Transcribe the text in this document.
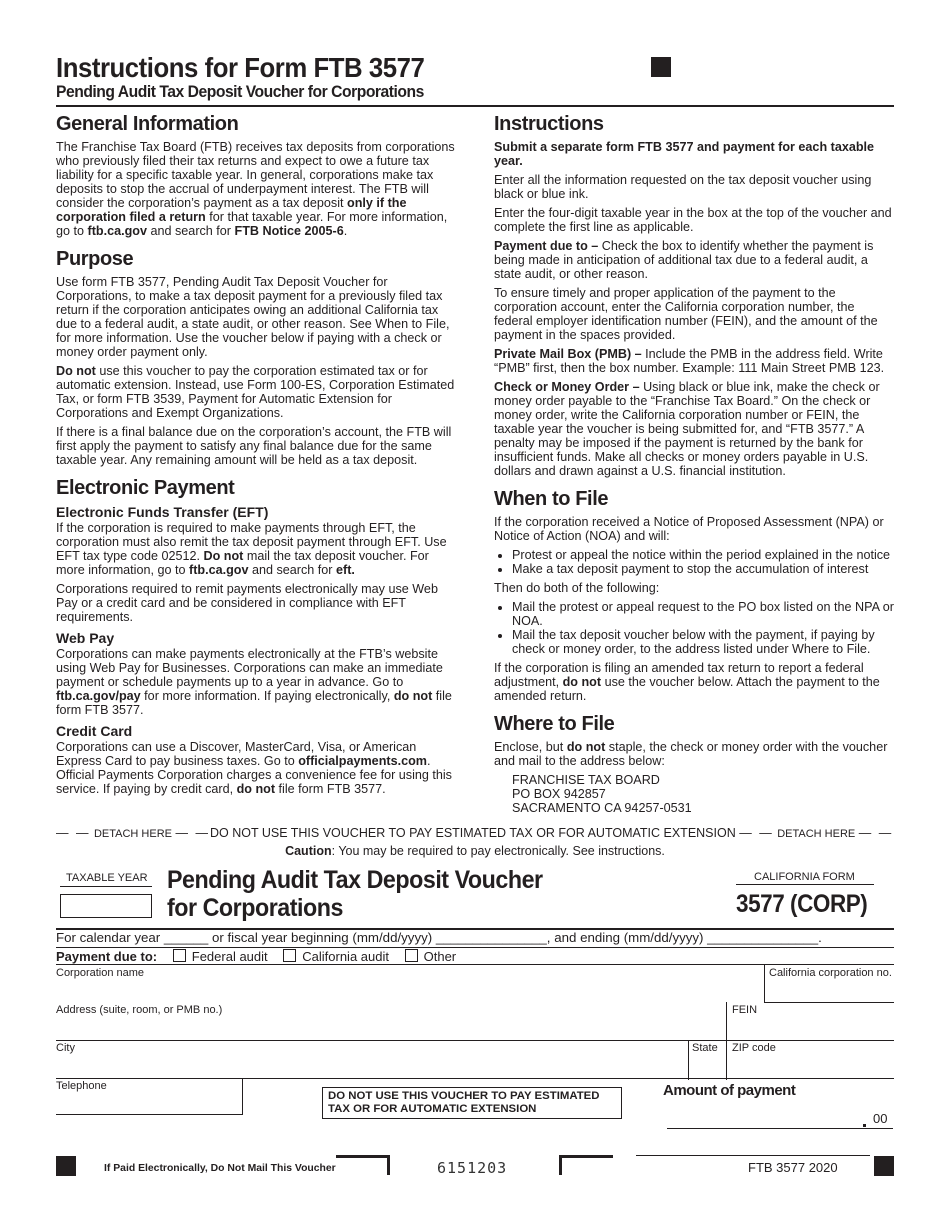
Instructions for Form FTB 3577
Pending Audit Tax Deposit Voucher for Corporations
General Information

The Franchise Tax Board (FTB) receives tax deposits from corporations who previously filed their tax returns and expect to owe a future tax liability for a specific taxable year. In general, corporations make tax deposits to stop the accrual of underpayment interest. The FTB will consider the corporation’s payment as a tax deposit only if the corporation filed a return for that taxable year. For more information, go to ftb.ca.gov and search for FTB Notice 2005-6.

Purpose

Use form FTB 3577, Pending Audit Tax Deposit Voucher for Corporations, to make a tax deposit payment for a previously filed tax return if the corporation anticipates owing an additional California tax due to a federal audit, a state audit, or other reason. See When to File, for more information. Use the voucher below if paying with a check or money order payment only.

Do not use this voucher to pay the corporation estimated tax or for automatic extension. Instead, use Form 100-ES, Corporation Estimated Tax, or form FTB 3539, Payment for Automatic Extension for Corporations and Exempt Organizations.

If there is a final balance due on the corporation’s account, the FTB will first apply the payment to satisfy any final balance due for the same taxable year. Any remaining amount will be held as a tax deposit.

Electronic Payment
Electronic Funds Transfer (EFT)

If the corporation is required to make payments through EFT, the corporation must also remit the tax deposit payment through EFT. Use EFT tax type code 02512. Do not mail the tax deposit voucher. For more information, go to ftb.ca.gov and search for eft.

Corporations required to remit payments electronically may use Web Pay or a credit card and be considered in compliance with EFT requirements.

Web Pay

Corporations can make payments electronically at the FTB’s website using Web Pay for Businesses. Corporations can make an immediate payment or schedule payments up to a year in advance. Go to ftb.ca.gov/pay for more information. If paying electronically, do not file form FTB 3577.

Credit Card

Corporations can use a Discover, MasterCard, Visa, or American Express Card to pay business taxes. Go to officialpayments.com. Official Payments Corporation charges a convenience fee for using this service. If paying by credit card, do not file form FTB 3577.

Instructions

Submit a separate form FTB 3577 and payment for each taxable year.

Enter all the information requested on the tax deposit voucher using black or blue ink.

Enter the four-digit taxable year in the box at the top of the voucher and complete the first line as applicable.

Payment due to – Check the box to identify whether the payment is being made in anticipation of additional tax due to a federal audit, a state audit, or other reason.

To ensure timely and proper application of the payment to the corporation account, enter the California corporation number, the federal employer identification number (FEIN), and the amount of the payment in the spaces provided.

Private Mail Box (PMB) – Include the PMB in the address field. Write “PMB” first, then the box number. Example: 111 Main Street PMB 123.

Check or Money Order – Using black or blue ink, make the check or money order payable to the “Franchise Tax Board.” On the check or money order, write the California corporation number or FEIN, the taxable year the voucher is being submitted for, and “FTB 3577.” A penalty may be imposed if the payment is returned by the bank for insufficient funds. Make all checks or money orders payable in U.S. dollars and drawn against a U.S. financial institution.

When to File

If the corporation received a Notice of Proposed Assessment (NPA) or Notice of Action (NOA) and will:

• Protest or appeal the notice within the period explained in the notice
• Make a tax deposit payment to stop the accumulation of interest

Then do both of the following:

• Mail the protest or appeal request to the PO box listed on the NPA or NOA.
• Mail the tax deposit voucher below with the payment, if paying by check or money order, to the address listed under Where to File.

If the corporation is filing an amended tax return to report a federal adjustment, do not use the voucher below. Attach the payment to the amended return.

Where to File

Enclose, but do not staple, the check or money order with the voucher and mail to the address below:

FRANCHISE TAX BOARD
PO BOX 942857
SACRAMENTO CA 94257-0531
— — DETACH HERE — —DO NOT USE THIS VOUCHER TO PAY ESTIMATED TAX OR FOR AUTOMATIC EXTENSION — — DETACH HERE — —
Caution: You may be required to pay electronically. See instructions.
TAXABLE YEAR Pending Audit Tax Deposit Voucher
for Corporations
CALIFORNIA FORM
3577 (CORP)
For calendar year ______ or fiscal year beginning (mm/dd/yyyy) _______________, and ending (mm/dd/yyyy) _______________.
Payment due to:	Federal audit	California audit	Other
Corporation name	California corporation no.
Address (suite, room, or PMB no.)	FEIN
City	State ZIP code
Telephone
DO NOT USE THIS VOUCHER TO PAY ESTIMATED TAX OR FOR AUTOMATIC EXTENSION
Amount of payment
00
If Paid Electronically, Do Not Mail This Voucher	6151203	FTB 3577 2020
